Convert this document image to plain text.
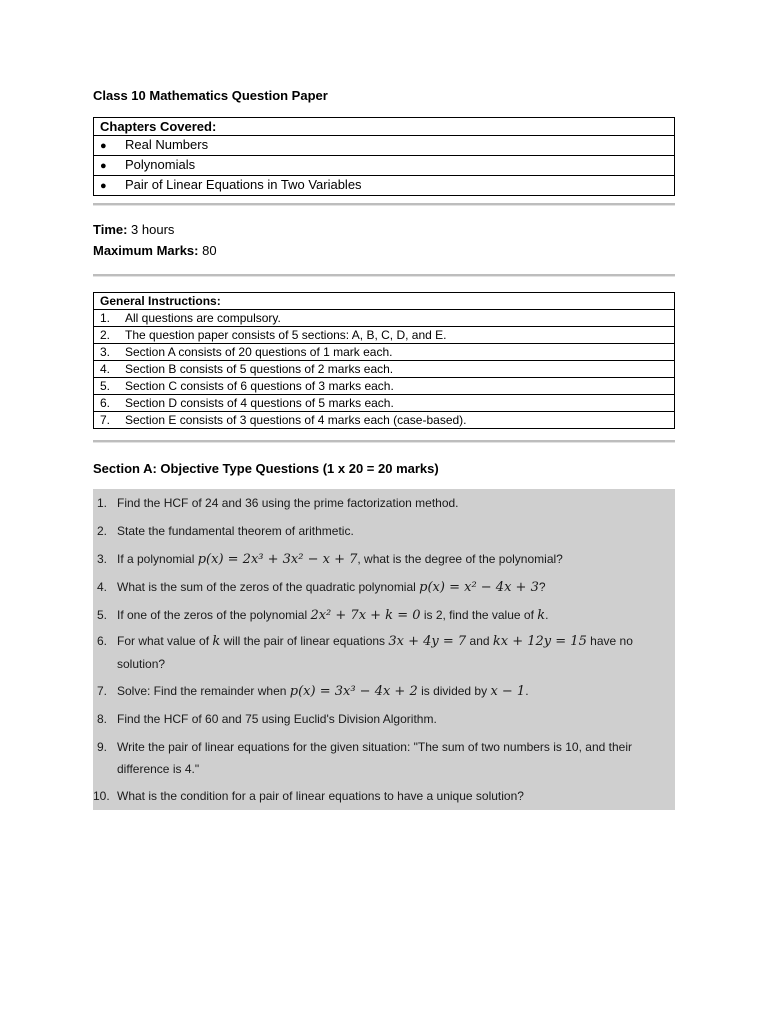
Class 10 Mathematics Question Paper
Chapters Covered:
● Real Numbers
● Polynomials
● Pair of Linear Equations in Two Variables
Time: 3 hours
Maximum Marks: 80
General Instructions:
1. All questions are compulsory.
2. The question paper consists of 5 sections: A, B, C, D, and E.
3. Section A consists of 20 questions of 1 mark each.
4. Section B consists of 5 questions of 2 marks each.
5. Section C consists of 6 questions of 3 marks each.
6. Section D consists of 4 questions of 5 marks each.
7. Section E consists of 3 questions of 4 marks each (case-based).
Section A: Objective Type Questions (1 x 20 = 20 marks)
1. Find the HCF of 24 and 36 using the prime factorization method.
2. State the fundamental theorem of arithmetic.
3. If a polynomial p(x) = 2x³ + 3x² − x + 7, what is the degree of the polynomial?
4. What is the sum of the zeros of the quadratic polynomial p(x) = x² − 4x + 3?
5. If one of the zeros of the polynomial 2x² + 7x + k = 0 is 2, find the value of k.
6. For what value of k will the pair of linear equations 3x + 4y = 7 and kx + 12y = 15 have no solution?
7. Solve: Find the remainder when p(x) = 3x³ − 4x + 2 is divided by x − 1.
8. Find the HCF of 60 and 75 using Euclid's Division Algorithm.
9. Write the pair of linear equations for the given situation: "The sum of two numbers is 10, and their difference is 4."
10. What is the condition for a pair of linear equations to have a unique solution?
